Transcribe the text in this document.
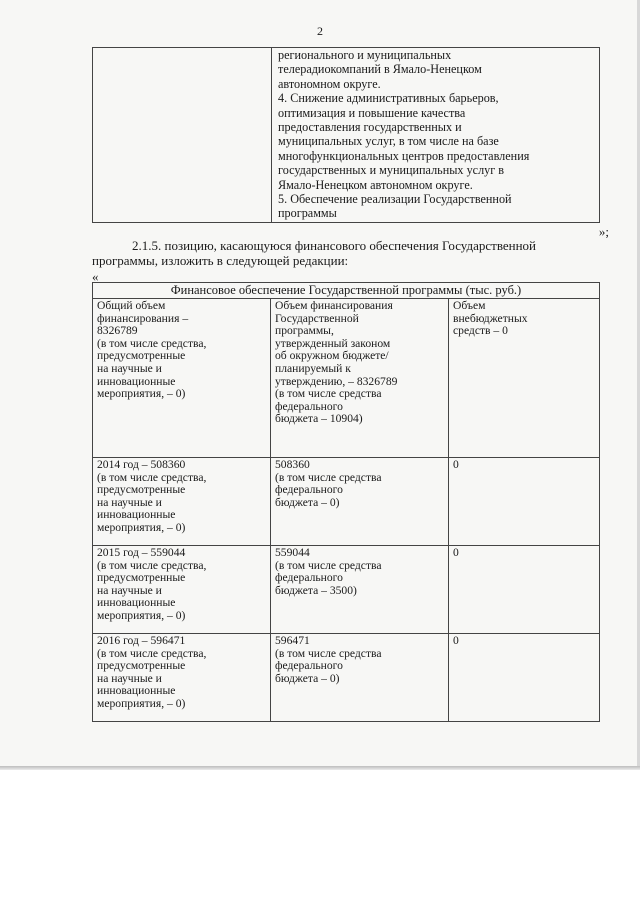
2
регионального и муниципальных
телерадиокомпаний в Ямало-Ненецком
автономном округе.
4. Снижение административных барьеров,
оптимизация и повышение качества
предоставления государственных и
муниципальных услуг, в том числе на базе
многофункциональных центров предоставления
государственных и муниципальных услуг в
Ямало-Ненецком автономном округе.
5. Обеспечение реализации Государственной
программы
»;
2.1.5. позицию, касающуюся финансового обеспечения Государственной
программы, изложить в следующей редакции:
«
Финансовое обеспечение Государственной программы (тыс. руб.)
Общий объем
финансирования –
8326789
(в том числе средства,
предусмотренные
на научные и
инновационные
мероприятия, – 0)
Объем финансирования
Государственной
программы,
утвержденный законом
об окружном бюджете/
планируемый к
утверждению, – 8326789
(в том числе средства
федерального
бюджета – 10904)
Объем
внебюджетных
средств – 0
2014 год – 508360
(в том числе средства,
предусмотренные
на научные и
инновационные
мероприятия, – 0)
508360
(в том числе средства
федерального
бюджета – 0)
0
2015 год – 559044
(в том числе средства,
предусмотренные
на научные и
инновационные
мероприятия, – 0)
559044
(в том числе средства
федерального
бюджета – 3500)
0
2016 год – 596471
(в том числе средства,
предусмотренные
на научные и
инновационные
мероприятия, – 0)
596471
(в том числе средства
федерального
бюджета – 0)
0
